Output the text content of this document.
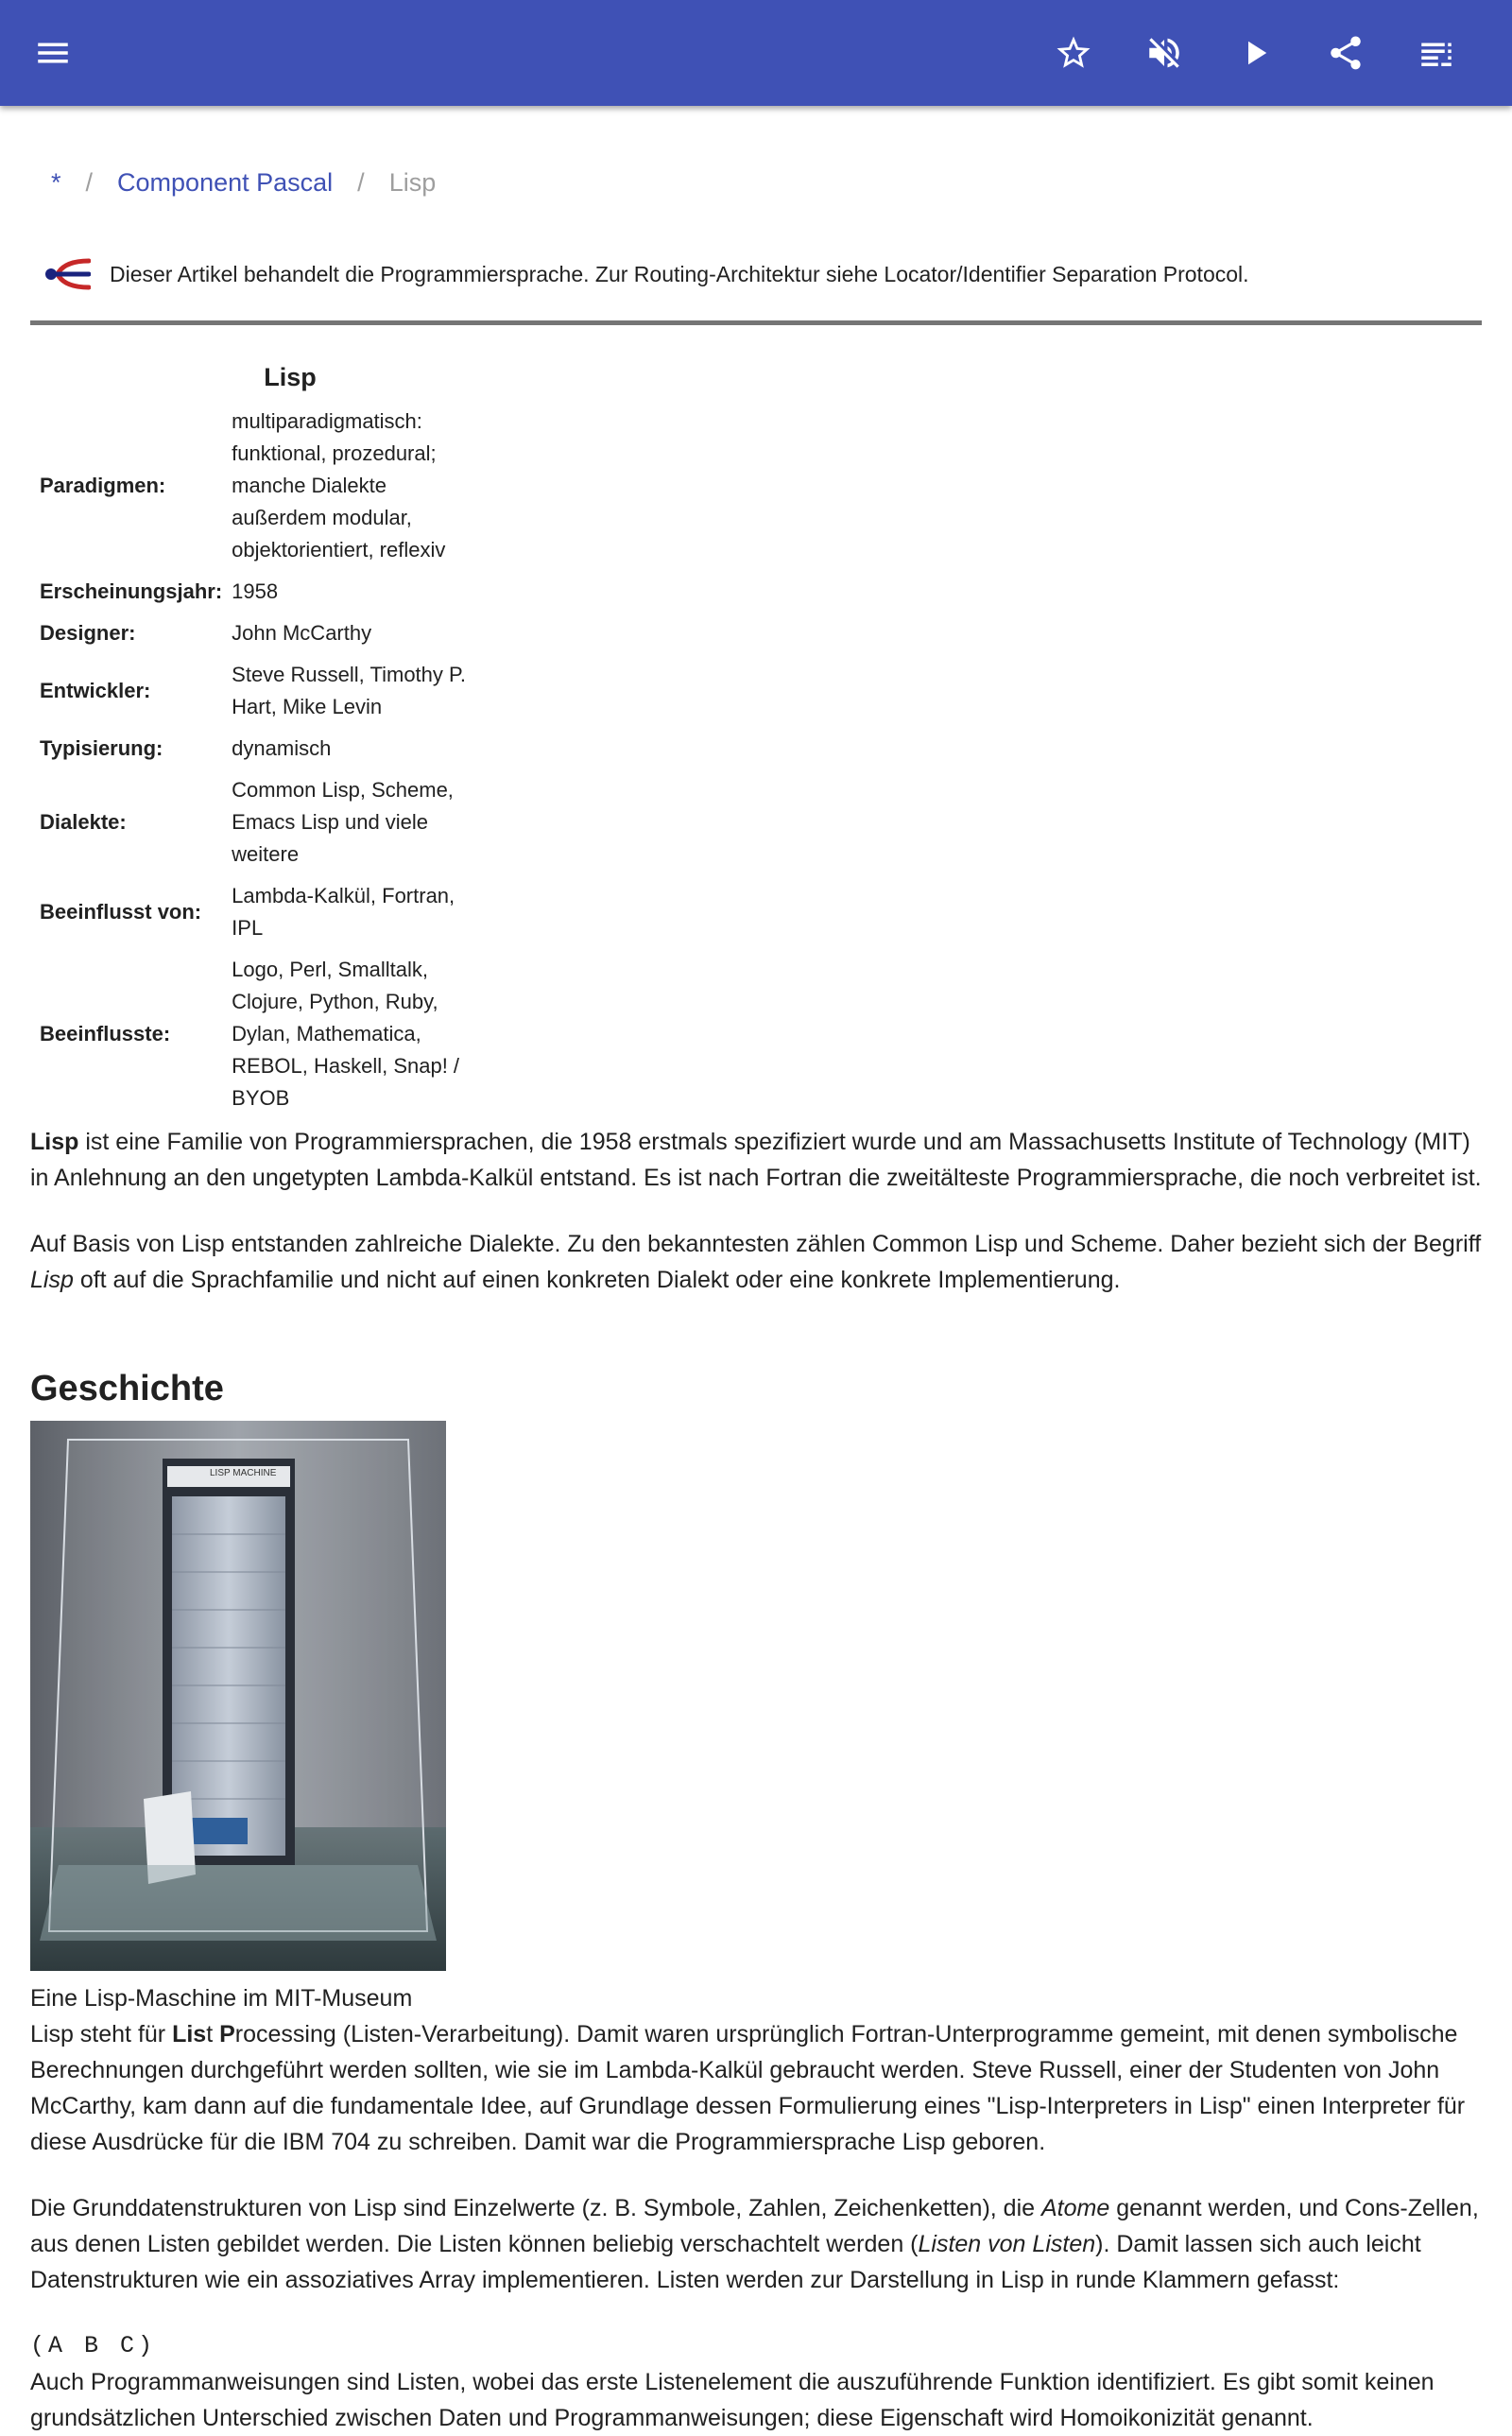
* / Component Pascal / Lisp
Dieser Artikel behandelt die Programmiersprache. Zur Routing-Architektur siehe Locator/Identifier Separation Protocol.
Lisp
Paradigmen:	multiparadigmatisch: funktional, prozedural; manche Dialekte außerdem modular, objektorientiert, reflexiv
Erscheinungsjahr:	1958
Designer:	John McCarthy
Entwickler:	Steve Russell, Timothy P. Hart, Mike Levin
Typisierung:	dynamisch
Dialekte:	Common Lisp, Scheme, Emacs Lisp und viele weitere
Beeinflusst von:	Lambda-Kalkül, Fortran, IPL
Beeinflusste:	Logo, Perl, Smalltalk, Clojure, Python, Ruby, Dylan, Mathematica, REBOL, Haskell, Snap! / BYOB

Lisp ist eine Familie von Programmiersprachen, die 1958 erstmals spezifiziert wurde und am Massachusetts Institute of Technology (MIT) in Anlehnung an den ungetypten Lambda-Kalkül entstand. Es ist nach Fortran die zweitälteste Programmiersprache, die noch verbreitet ist.

Auf Basis von Lisp entstanden zahlreiche Dialekte. Zu den bekanntesten zählen Common Lisp und Scheme. Daher bezieht sich der Begriff Lisp oft auf die Sprachfamilie und nicht auf einen konkreten Dialekt oder eine konkrete Implementierung.

Geschichte
LISP MACHINE

Eine Lisp-Maschine im MIT-Museum

Lisp steht für List Processing (Listen-Verarbeitung). Damit waren ursprünglich Fortran-Unterprogramme gemeint, mit denen symbolische Berechnungen durchgeführt werden sollten, wie sie im Lambda-Kalkül gebraucht werden. Steve Russell, einer der Studenten von John McCarthy, kam dann auf die fundamentale Idee, auf Grundlage dessen Formulierung eines "Lisp-Interpreters in Lisp" einen Interpreter für diese Ausdrücke für die IBM 704 zu schreiben. Damit war die Programmiersprache Lisp geboren.

Die Grunddatenstrukturen von Lisp sind Einzelwerte (z. B. Symbole, Zahlen, Zeichenketten), die Atome genannt werden, und Cons-Zellen, aus denen Listen gebildet werden. Die Listen können beliebig verschachtelt werden (Listen von Listen). Damit lassen sich auch leicht Datenstrukturen wie ein assoziatives Array implementieren. Listen werden zur Darstellung in Lisp in runde Klammern gefasst:

(A B C)

Auch Programmanweisungen sind Listen, wobei das erste Listenelement die auszuführende Funktion identifiziert. Es gibt somit keinen grundsätzlichen Unterschied zwischen Daten und Programmanweisungen; diese Eigenschaft wird Homoikonizität genannt.
